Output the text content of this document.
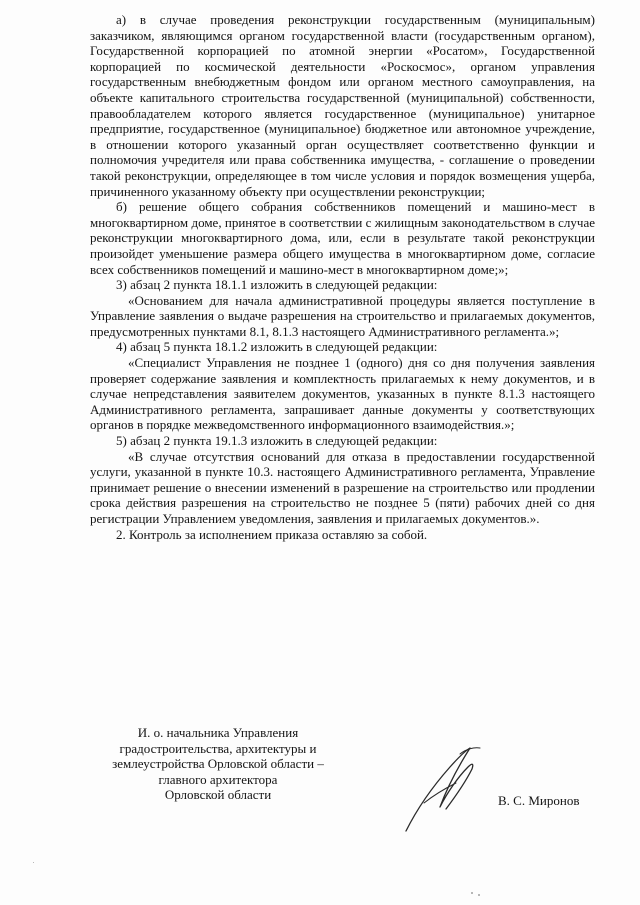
а) в случае проведения реконструкции государственным (муниципальным) заказчиком, являющимся органом государственной власти (государственным органом), Государственной корпорацией по атомной энергии «Росатом», Государственной корпорацией по космической деятельности «Роскосмос», органом управления государственным внебюджетным фондом или органом местного самоуправления, на объекте капитального строительства государственной (муниципальной) собственности, правообладателем которого является государственное (муниципальное) унитарное предприятие, государственное (муниципальное) бюджетное или автономное учреждение, в отношении которого указанный орган осуществляет соответственно функции и полномочия учредителя или права собственника имущества, - соглашение о проведении такой реконструкции, определяющее в том числе условия и порядок возмещения ущерба, причиненного указанному объекту при осуществлении реконструкции;

б) решение общего собрания собственников помещений и машино-мест в многоквартирном доме, принятое в соответствии с жилищным законодательством в случае реконструкции многоквартирного дома, или, если в результате такой реконструкции произойдет уменьшение размера общего имущества в многоквартирном доме, согласие всех собственников помещений и машино-мест в многоквартирном доме;»;

3) абзац 2 пункта 18.1.1 изложить в следующей редакции:

«Основанием для начала административной процедуры является поступление в Управление заявления о выдаче разрешения на строительство и прилагаемых документов, предусмотренных пунктами 8.1, 8.1.3 настоящего Административного регламента.»;

4) абзац 5 пункта 18.1.2 изложить в следующей редакции:

«Специалист Управления не позднее 1 (одного) дня со дня получения заявления проверяет содержание заявления и комплектность прилагаемых к нему документов, и в случае непредставления заявителем документов, указанных в пункте 8.1.3 настоящего Административного регламента, запрашивает данные документы у соответствующих органов в порядке межведомственного информационного взаимодействия.»;

5) абзац 2 пункта 19.1.3 изложить в следующей редакции:

«В случае отсутствия оснований для отказа в предоставлении государственной услуги, указанной в пункте 10.3. настоящего Административного регламента, Управление принимает решение о внесении изменений в разрешение на строительство или продлении срока действия разрешения на строительство не позднее 5 (пяти) рабочих дней со дня регистрации Управлением уведомления, заявления и прилагаемых документов.».

2. Контроль за исполнением приказа оставляю за собой.

И. о. начальника Управления
градостроительства, архитектуры и
землеустройства Орловской области –
главного архитектора
Орловской области	В. С. Миронов
